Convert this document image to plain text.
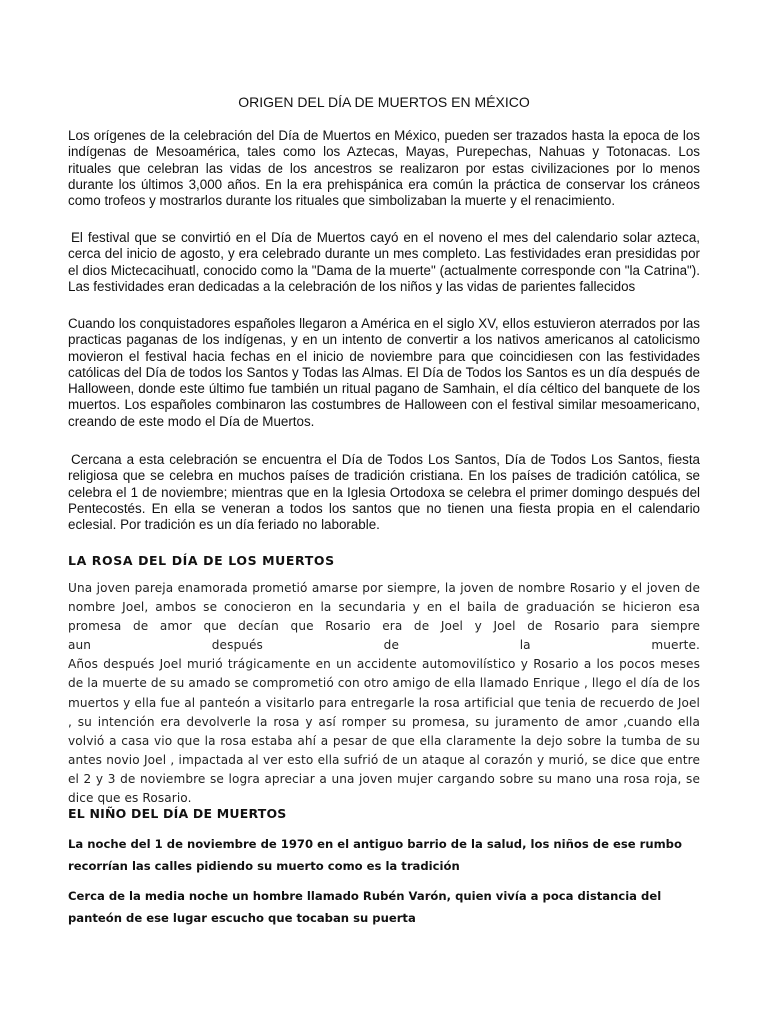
ORIGEN DEL DÍA DE MUERTOS EN MÉXICO

Los orígenes de la celebración del Día de Muertos en México, pueden ser trazados hasta la epoca de los indígenas de Mesoamérica, tales como los Aztecas, Mayas, Purepechas, Nahuas y Totonacas. Los rituales que celebran las vidas de los ancestros se realizaron por estas civilizaciones por lo menos durante los últimos 3,000 años. En la era prehispánica era común la práctica de conservar los cráneos como trofeos y mostrarlos durante los rituales que simbolizaban la muerte y el renacimiento.

El festival que se convirtió en el Día de Muertos cayó en el noveno el mes del calendario solar azteca, cerca del inicio de agosto, y era celebrado durante un mes completo. Las festividades eran presididas por el dios Mictecacihuatl, conocido como la "Dama de la muerte" (actualmente corresponde con "la Catrina"). Las festividades eran dedicadas a la celebración de los niños y las vidas de parientes fallecidos

Cuando los conquistadores españoles llegaron a América en el siglo XV, ellos estuvieron aterrados por las practicas paganas de los indígenas, y en un intento de convertir a los nativos americanos al catolicismo movieron el festival hacia fechas en el inicio de noviembre para que coincidiesen con las festividades católicas del Día de todos los Santos y Todas las Almas. El Día de Todos los Santos es un día después de Halloween, donde este último fue también un ritual pagano de Samhain, el día céltico del banquete de los muertos. Los españoles combinaron las costumbres de Halloween con el festival similar mesoamericano, creando de este modo el Día de Muertos.

Cercana a esta celebración se encuentra el Día de Todos Los Santos, Día de Todos Los Santos, fiesta religiosa que se celebra en muchos países de tradición cristiana. En los países de tradición católica, se celebra el 1 de noviembre; mientras que en la Iglesia Ortodoxa se celebra el primer domingo después del Pentecostés. En ella se veneran a todos los santos que no tienen una fiesta propia en el calendario eclesial. Por tradición es un día feriado no laborable.

LA ROSA DEL DÍA DE LOS MUERTOS
Una joven pareja enamorada prometió amarse por siempre, la joven de nombre Rosario y el joven de nombre Joel, ambos se conocieron en la secundaria y en el baila de graduación se hicieron esa promesa de amor que decían que Rosario era de Joel y Joel de Rosario para siempre
aun después de la muerte.
Años después Joel murió trágicamente en un accidente automovilístico y Rosario a los pocos meses de la muerte de su amado se comprometió con otro amigo de ella llamado Enrique , llego el día de los muertos y ella fue al panteón a visitarlo para entregarle la rosa artificial que tenia de recuerdo de Joel , su intención era devolverle la rosa y así romper su promesa, su juramento de amor ,cuando ella volvió a casa vio que la rosa estaba ahí a pesar de que ella claramente la dejo sobre la tumba de su antes novio Joel , impactada al ver esto ella sufrió de un ataque al corazón y murió, se dice que entre el 2 y 3 de noviembre se logra apreciar a una joven mujer cargando sobre su mano una rosa roja, se dice que es Rosario.
EL NIÑO DEL DÍA DE MUERTOS

La noche del 1 de noviembre de 1970 en el antiguo barrio de la salud, los niños de ese rumbo recorrían las calles pidiendo su muerto como es la tradición

Cerca de la media noche un hombre llamado Rubén Varón, quien vivía a poca distancia del panteón de ese lugar escucho que tocaban su puerta
